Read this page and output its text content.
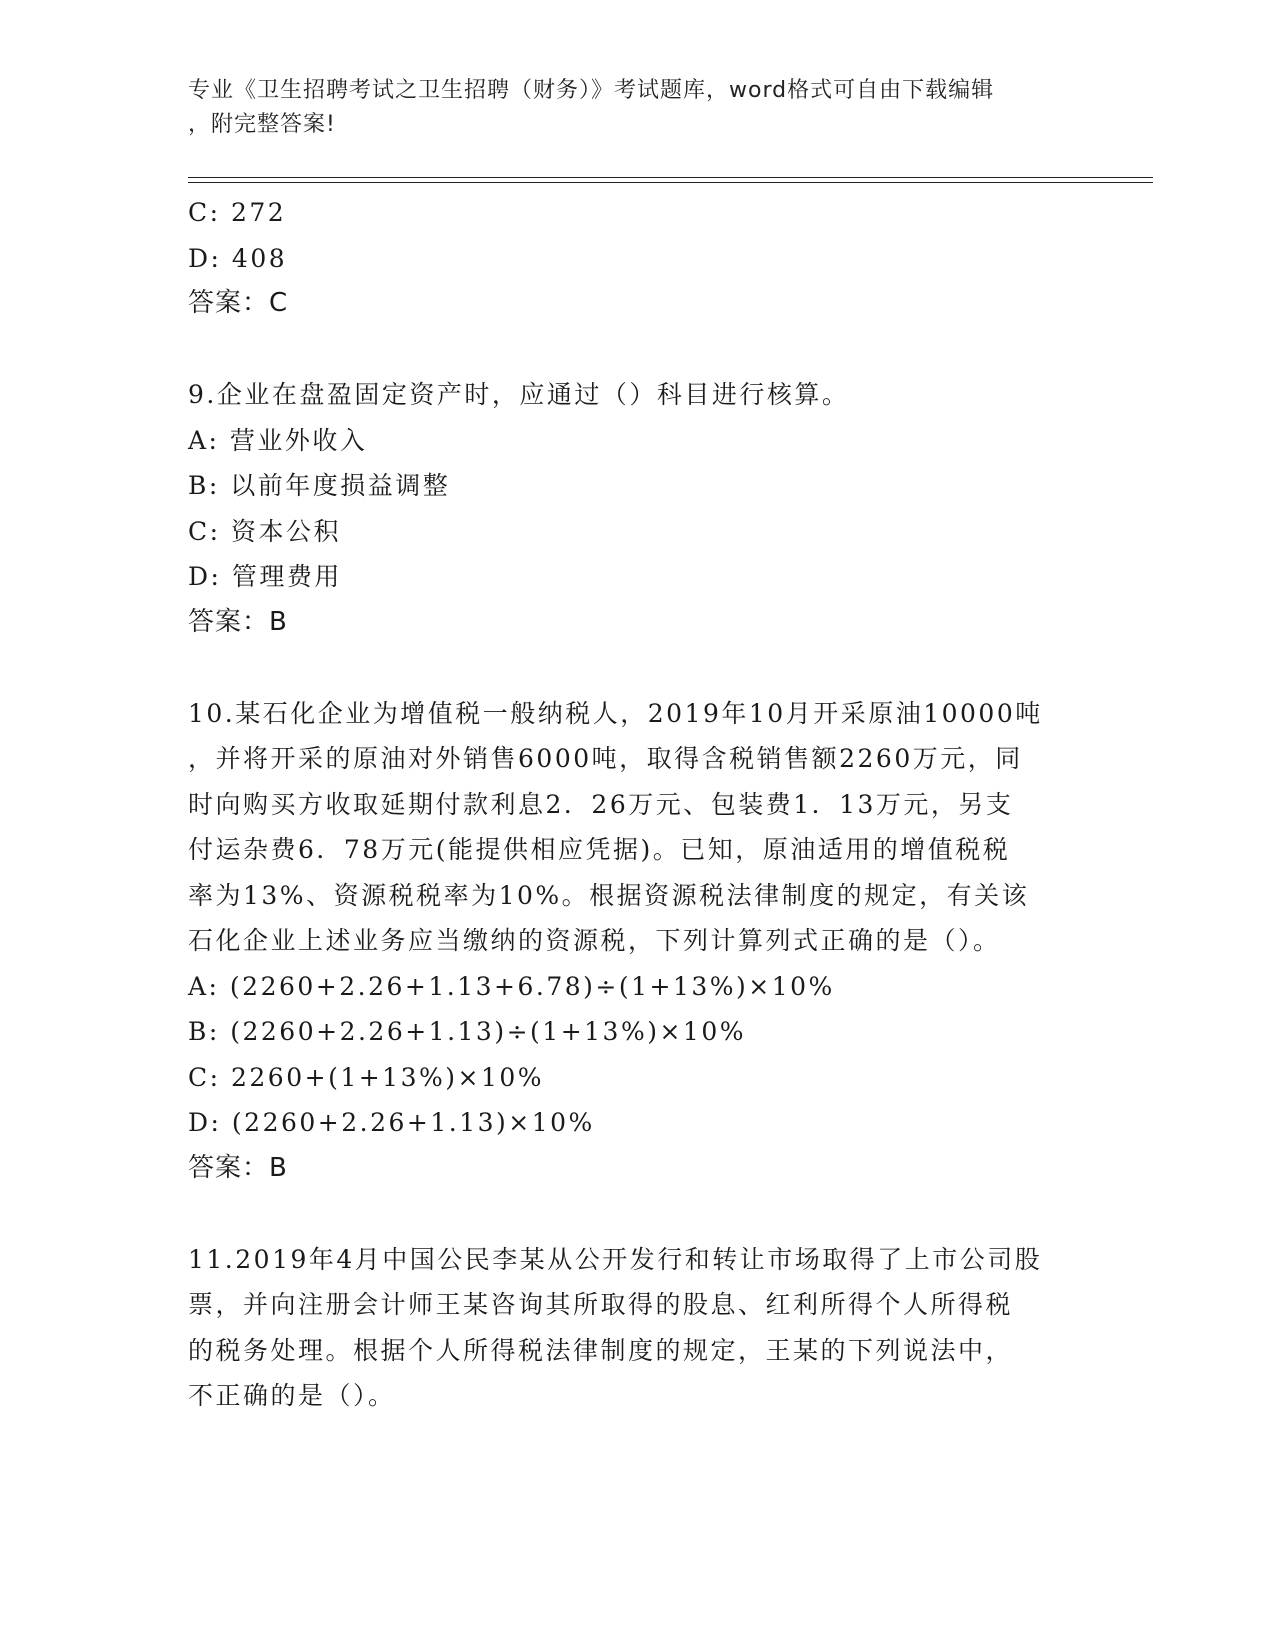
专业《卫生招聘考试之卫生招聘（财务）》考试题库，word格式可自由下载编辑
，附完整答案!
C: 272
D: 408
答案：C
9.企业在盘盈固定资产时，应通过（）科目进行核算。
A: 营业外收入
B: 以前年度损益调整
C: 资本公积
D: 管理费用
答案：B
10.某石化企业为增值税一般纳税人，2019年10月开采原油10000吨
，并将开采的原油对外销售6000吨，取得含税销售额2260万元，同
时向购买方收取延期付款利息2．26万元、包装费1．13万元，另支
付运杂费6．78万元(能提供相应凭据)。已知，原油适用的增值税税
率为13%、资源税税率为10%。根据资源税法律制度的规定，有关该
石化企业上述业务应当缴纳的资源税，下列计算列式正确的是（）。
A: (2260+2.26+1.13+6.78)÷(1+13%)×10%
B: (2260+2.26+1.13)÷(1+13%)×10%
C: 2260+(1+13%)×10%
D: (2260+2.26+1.13)×10%
答案：B
11.2019年4月中国公民李某从公开发行和转让市场取得了上市公司股
票，并向注册会计师王某咨询其所取得的股息、红利所得个人所得税
的税务处理。根据个人所得税法律制度的规定，王某的下列说法中，
不正确的是（）。
